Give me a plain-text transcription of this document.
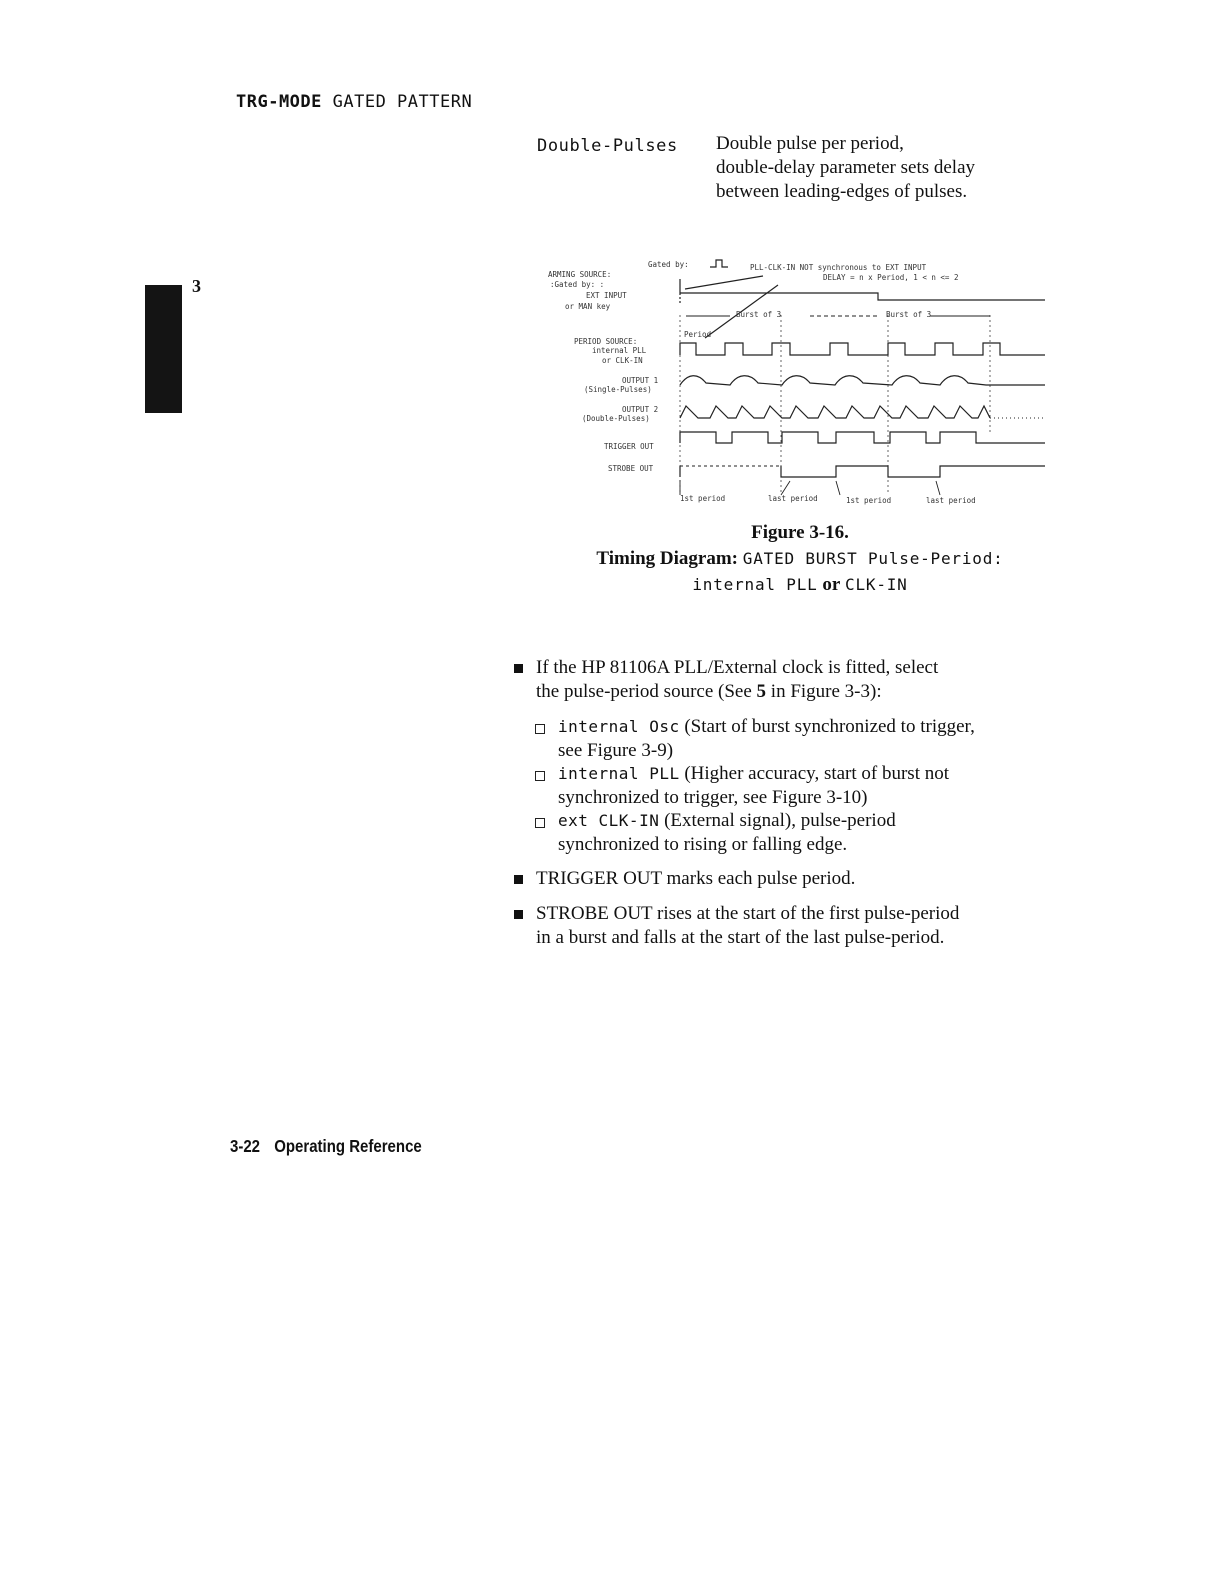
TRG-MODE GATED PATTERN
Double-Pulses Double pulse per period,
double-delay parameter sets delay
between leading-edges of pulses.
3
Gated by:	PLL-CLK-IN NOT synchronous to EXT INPUT
DELAY = n x Period, 1 < n <= 2
ARMING SOURCE:
:Gated by: :
EXT INPUT
or MAN key
Burst of 3	Burst of 3
Period
PERIOD SOURCE:
internal PLL
or CLK-IN
OUTPUT 1
(Single-Pulses)
OUTPUT 2
(Double-Pulses)
TRIGGER OUT
STROBE OUT
1st period	last period	1st period	last period
Figure 3-16.
Timing Diagram: GATED BURST Pulse-Period:
internal PLL or CLK-IN
If the HP 81106A PLL/External clock is fitted, select
the pulse-period source (See 5 in Figure 3-3):
internal Osc (Start of burst synchronized to trigger,
see Figure 3-9)
internal PLL (Higher accuracy, start of burst not
synchronized to trigger, see Figure 3-10)
ext CLK-IN (External signal), pulse-period
synchronized to rising or falling edge.
TRIGGER OUT marks each pulse period.
STROBE OUT rises at the start of the first pulse-period
in a burst and falls at the start of the last pulse-period.
3-22 Operating Reference
